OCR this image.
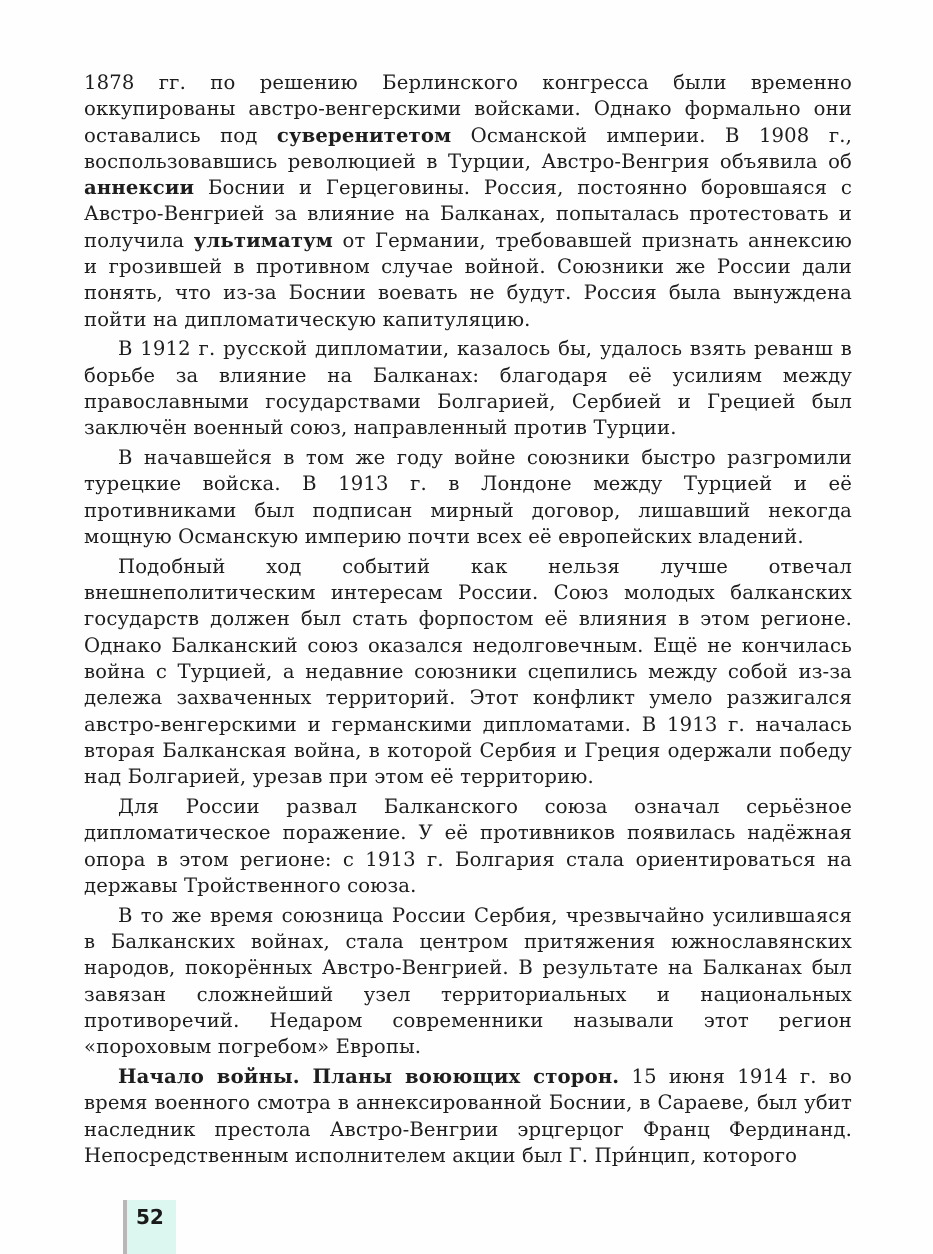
1878 гг. по решению Берлинского конгресса были временно оккупированы австро-венгерскими войсками. Однако формально они оставались под суверенитетом Османской империи. В 1908 г., воспользовавшись революцией в Турции, Австро-Венгрия объявила об аннексии Боснии и Герцеговины. Россия, постоянно боровшаяся с Австро-Венгрией за влияние на Балканах, попыталась протестовать и получила ультиматум от Германии, требовавшей признать аннексию и грозившей в противном случае войной. Союзники же России дали понять, что из-за Боснии воевать не будут. Россия была вынуждена пойти на дипломатическую капитуляцию.

В 1912 г. русской дипломатии, казалось бы, удалось взять реванш в борьбе за влияние на Балканах: благодаря её усилиям между православными государствами Болгарией, Сербией и Грецией был заключён военный союз, направленный против Турции.

В начавшейся в том же году войне союзники быстро разгромили турецкие войска. В 1913 г. в Лондоне между Турцией и её противниками был подписан мирный договор, лишавший некогда мощную Османскую империю почти всех её европейских владений.

Подобный ход событий как нельзя лучше отвечал внешнеполитическим интересам России. Союз молодых балканских государств должен был стать форпостом её влияния в этом регионе. Однако Балканский союз оказался недолговечным. Ещё не кончилась война с Турцией, а недавние союзники сцепились между собой из-за дележа захваченных территорий. Этот конфликт умело разжигался австро-венгерскими и германскими дипломатами. В 1913 г. началась вторая Балканская война, в которой Сербия и Греция одержали победу над Болгарией, урезав при этом её территорию.

Для России развал Балканского союза означал серьёзное дипломатическое поражение. У её противников появилась надёжная опора в этом регионе: с 1913 г. Болгария стала ориентироваться на державы Тройственного союза.

В то же время союзница России Сербия, чрезвычайно усилившаяся в Балканских войнах, стала центром притяжения южнославянских народов, покорённых Австро-Венгрией. В результате на Балканах был завязан сложнейший узел территориальных и национальных противоречий. Недаром современники называли этот регион «пороховым погребом» Европы.

Начало войны. Планы воюющих сторон. 15 июня 1914 г. во время военного смотра в аннексированной Боснии, в Сараеве, был убит наследник престола Австро-Венгрии эрцгерцог Франц Фердинанд. Непосредственным исполнителем акции был Г. При́нцип, которого

52
